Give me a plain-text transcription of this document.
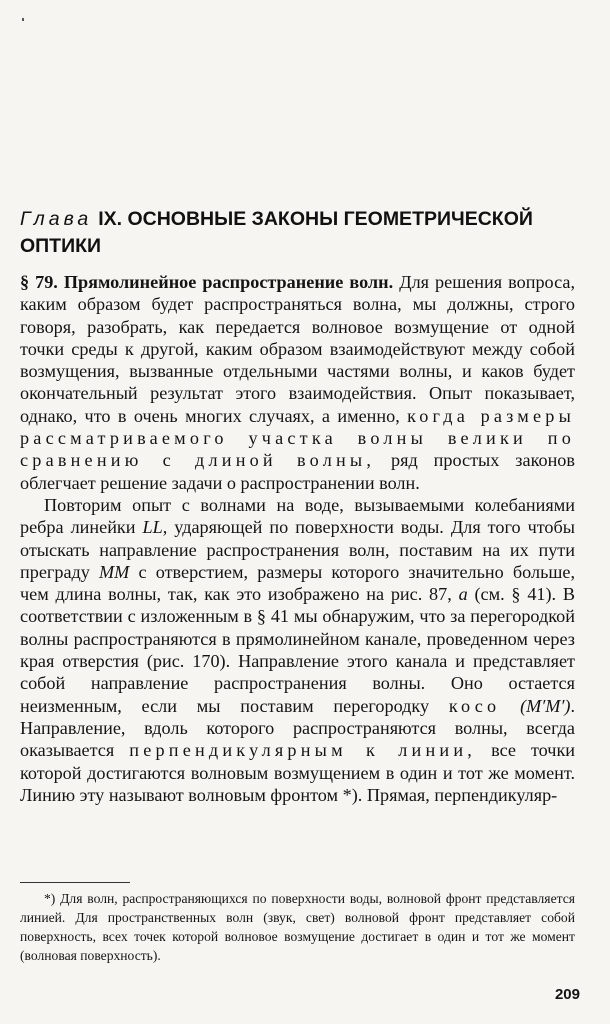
Глава IX. ОСНОВНЫЕ ЗАКОНЫ ГЕОМЕТРИЧЕСКОЙ ОПТИКИ

§ 79. Прямолинейное распространение волн. Для решения вопроса, каким образом будет распространяться волна, мы должны, строго говоря, разобрать, как передается волновое возмущение от одной точки среды к другой, каким образом взаимодействуют между собой возмущения, вызванные отдельными частями волны, и каков будет окончательный результат этого взаимодействия. Опыт показывает, однако, что в очень многих случаях, а именно, когда размеры рассматриваемого участка волны велики по сравнению с длиной волны, ряд простых законов облегчает решение задачи о распространении волн.

Повторим опыт с волнами на воде, вызываемыми колебаниями ребра линейки LL, ударяющей по поверхности воды. Для того чтобы отыскать направление распространения волн, поставим на их пути преграду MM с отверстием, размеры которого значительно больше, чем длина волны, так, как это изображено на рис. 87, а (см. § 41). В соответствии с изложенным в § 41 мы обнаружим, что за перегородкой волны распространяются в прямолинейном канале, проведенном через края отверстия (рис. 170). Направление этого канала и представляет собой направление распространения волны. Оно остается неизменным, если мы поставим перегородку косо (M′M′). Направление, вдоль которого распространяются волны, всегда оказывается перпендикулярным к линии, все точки которой достигаются волновым возмущением в один и тот же момент. Линию эту называют волновым фронтом *). Прямая, перпендикуляр-

*) Для волн, распространяющихся по поверхности воды, волновой фронт представляется линией. Для пространственных волн (звук, свет) волновой фронт представляет собой поверхность, всех точек которой волновое возмущение достигает в один и тот же момент (волновая поверхность).
209
